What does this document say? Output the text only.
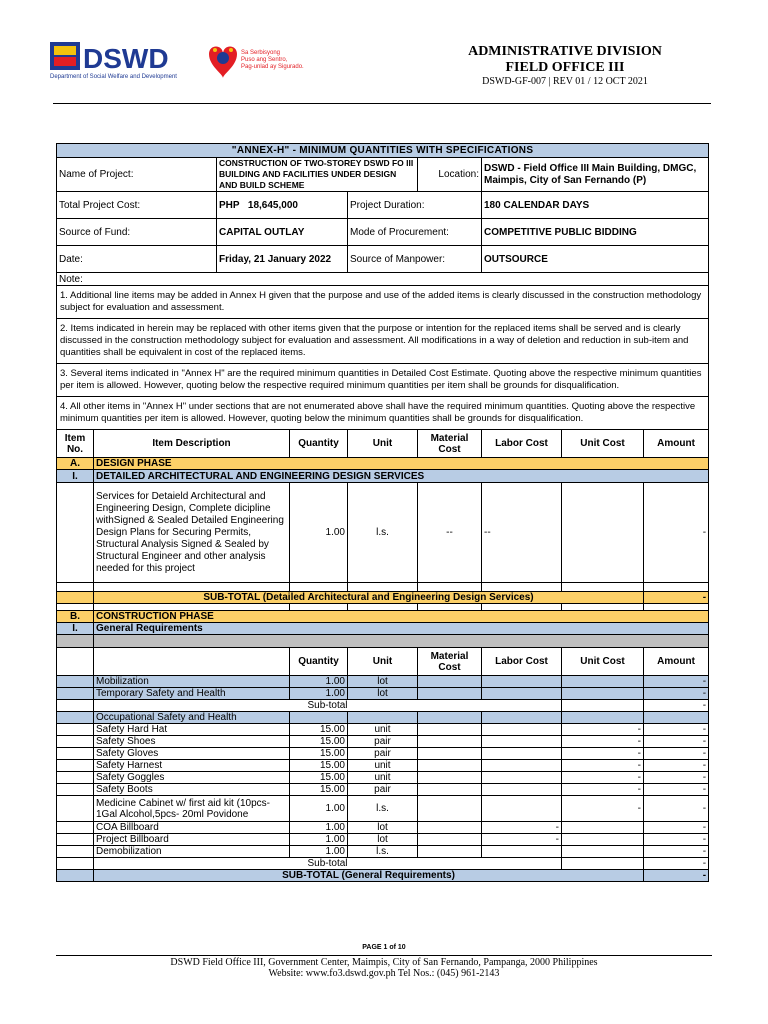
DSWD
Department of Social Welfare and Development
Sa Serbisyong
Puso ang Sentro,
Pag-unlad ay Sigurado.
ADMINISTRATIVE DIVISION
FIELD OFFICE III
DSWD-GF-007 | REV 01 / 12 OCT 2021
"ANNEX-H" - MINIMUM QUANTITIES WITH SPECIFICATIONS								
Name of Project:		CONSTRUCTION OF TWO-STOREY DSWD FO III BUILDING AND FACILITIES UNDER DESIGN AND BUILD SCHEME			Location:	DSWD - Field Office III Main Building, DMGC, Maimpis, City of San Fernando (P)		
Total Project Cost:		PHP 18,645,000		Project Duration:		180 CALENDAR DAYS		
Source of Fund:		CAPITAL OUTLAY		Mode of Procurement:		COMPETITIVE PUBLIC BIDDING		
Date:		Friday, 21 January 2022		Source of Manpower:		OUTSOURCE		
Note:								
1. Additional line items may be added in Annex H given that the purpose and use of the added items is clearly discussed in the construction methodology subject for evaluation and assessment.								
2. Items indicated in herein may be replaced with other items given that the purpose or intention for the replaced items shall be served and is clearly discussed in the construction methodology subject for evaluation and assessment. All modifications in a way of deletion and reduction in sub-item and quantities shall be equivalent in cost of the replaced items.								
3. Several items indicated in "Annex H" are the required minimum quantities in Detailed Cost Estimate. Quoting above the respective minimum quantities per item is allowed. However, quoting below the respective required minimum quantities per item shall be grounds for disqualification.								
4. All other items in "Annex H" under sections that are not enumerated above shall have the required minimum quantities. Quoting above the respective minimum quantities per item is allowed. However, quoting below the minimum quantities shall be grounds for disqualification.								
Item No.	Item Description		Quantity	Unit	Material Cost	Labor Cost	Unit Cost	Amount
A.	DESIGN PHASE							
I.	DETAILED ARCHITECTURAL AND ENGINEERING DESIGN SERVICES							
	Services for Detaield Architectural and Engineering Design, Complete dicipline withSigned & Sealed Detailed Engineering Design Plans for Securing Permits, Structural Analysis Signed & Sealed by Structural Engineer and other analysis needed for this project		1.00	l.s.	--	--		-

	SUB-TOTAL (Detailed Architectural and Engineering Design Services)							-

B.	CONSTRUCTION PHASE							
I.	General Requirements							

			Quantity	Unit	Material Cost	Labor Cost	Unit Cost	Amount
	Mobilization		1.00	lot				-
	Temporary Safety and Health		1.00	lot				-
	Sub-total							-
	Occupational Safety and Health							
	Safety Hard Hat		15.00	unit			-	-
	Safety Shoes		15.00	pair			-	-
	Safety Gloves		15.00	pair			-	-
	Safety Harnest		15.00	unit			-	-
	Safety Goggles		15.00	unit			-	-
	Safety Boots		15.00	pair			-	-
	Medicine Cabinet w/ first aid kit (10pcs-1Gal Alcohol,5pcs- 20ml Povidone		1.00	l.s.			-	-
	COA Billboard		1.00	lot		-		-
	Project Billboard		1.00	lot		-		-
	Demobilization		1.00	l.s.				-
	Sub-total							-
	SUB-TOTAL (General Requirements)							-
PAGE 1 of 10
DSWD Field Office III, Government Center, Maimpis, City of San Fernando, Pampanga, 2000 Philippines
Website: www.fo3.dswd.gov.ph Tel Nos.: (045) 961-2143
